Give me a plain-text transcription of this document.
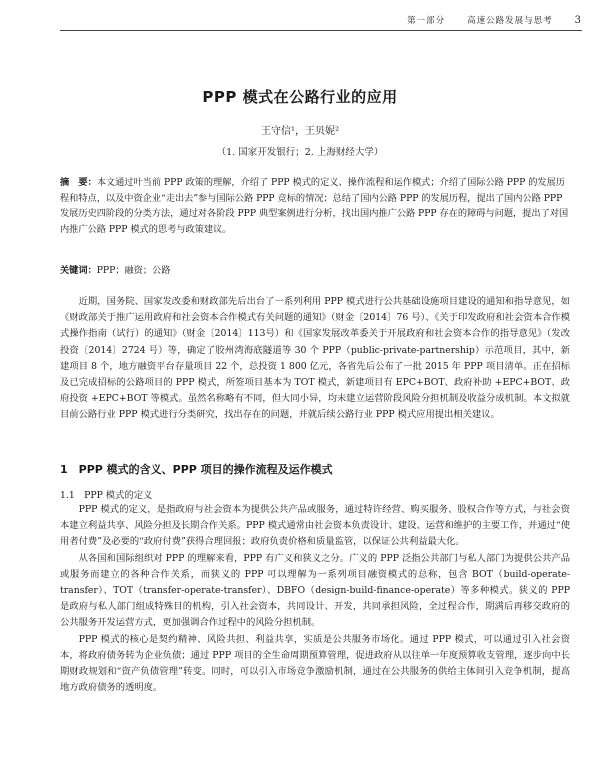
第一部分	高速公路发展与思考 3
PPP 模式在公路行业的应用
王守信¹，王贝妮²
（1. 国家开发银行；2. 上海财经大学）
摘　要：本文通过叶当前 PPP 政策的理解，介绍了 PPP 模式的定义、操作流程和运作模式；介绍了国际公路 PPP 的发展历程和特点，以及中资企业“走出去”参与国际公路 PPP 竞标的情况；总结了国内公路 PPP 的发展历程，提出了国内公路 PPP 发展历史四阶段的分类方法，通过对各阶段 PPP 典型案例进行分析，找出国内推广公路 PPP 存在的障碍与问题，提出了对国内推广公路 PPP 模式的思考与政策建议。
关键词：PPP；融资；公路

近期，国务院、国家发改委和财政部先后出台了一系列利用 PPP 模式进行公共基础设施项目建设的通知和指导意见，如《财政部关于推广运用政府和社会资本合作模式有关问题的通知》（财金〔2014〕76 号）、《关于印发政府和社会资本合作模式操作指南（试行）的通知》（财金〔2014〕113号）和《国家发展改革委关于开展政府和社会资本合作的指导意见》（发改投资〔2014〕2724 号）等，确定了胶州湾海底隧道等 30 个 PPP（public-private-partnership）示范项目，其中，新建项目 8 个，地方融资平台存量项目 22 个，总投资 1 800 亿元，各省先后公布了一批 2015 年 PPP 项目清单。正在招标及已完成招标的公路项目的 PPP 模式，所签项目基本为 TOT 模式，新建项目有 EPC+BOT、政府补助 +EPC+BOT、政府投资 +EPC+BOT 等模式。虽然名称略有不同，但大同小异，均未建立运营阶段风险分担机制及收益分成机制。本文拟就目前公路行业 PPP 模式进行分类研究，找出存在的问题，并就后续公路行业 PPP 模式应用提出相关建议。

1　PPP 模式的含义、PPP 项目的操作流程及运作模式
1.1　PPP 模式的定义

PPP 模式的定义，是指政府与社会资本为提供公共产品或服务，通过特许经营、购买服务、股权合作等方式，与社会资本建立利益共享、风险分担及长期合作关系。PPP 模式通常由社会资本负责设计、建设、运营和维护的主要工作，并通过“使用者付费”及必要的“政府付费”获得合理回报；政府负责价格和质量监管，以保证公共利益最大化。

从各国和国际组织对 PPP 的理解来看，PPP 有广义和狭义之分。广义的 PPP 泛指公共部门与私人部门为提供公共产品或服务而建立的各种合作关系，而狭义的 PPP 可以理解为一系列项目融资模式的总称，包含 BOT（build-operate-transfer）、TOT（transfer-operate-transfer）、DBFO（design-build-finance-operate）等多种模式。狭义的 PPP 是政府与私人部门组成特殊目的机构，引入社会资本，共同设计、开发，共同承担风险，全过程合作，期满后再移交政府的公共服务开发运营方式，更加强调合作过程中的风险分担机制。

PPP 模式的核心是契约精神、风险共担、利益共享，实质是公共服务市场化。通过 PPP 模式，可以通过引入社会资本，将政府债务转为企业负债；通过 PPP 项目的全生命周期预算管理，促进政府从以往单一年度预算收支管理，逐步向中长期财政规划和“资产负债管理”转变。同时，可以引入市场竞争激励机制，通过在公共服务的供给主体间引入竞争机制，提高地方政府债务的透明度。
